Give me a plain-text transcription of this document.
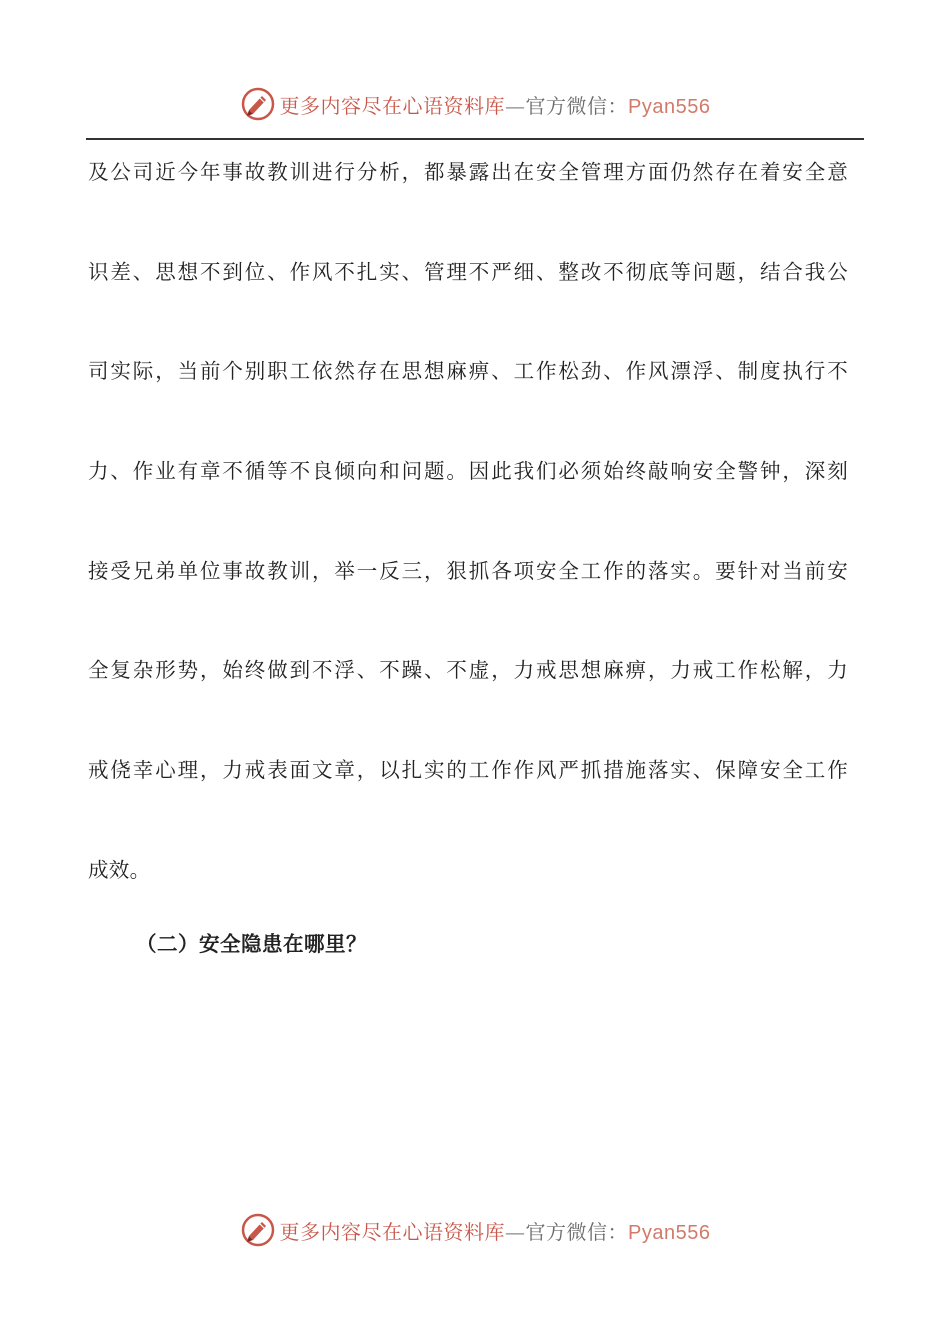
更多内容尽在心语资料库—官方微信：Pyan556
及公司近今年事故教训进行分析，都暴露出在安全管理方面仍然存在着安全意
识差、思想不到位、作风不扎实、管理不严细、整改不彻底等问题，结合我公
司实际，当前个别职工依然存在思想麻痹、工作松劲、作风漂浮、制度执行不
力、作业有章不循等不良倾向和问题。因此我们必须始终敲响安全警钟，深刻
接受兄弟单位事故教训，举一反三，狠抓各项安全工作的落实。要针对当前安
全复杂形势，始终做到不浮、不躁、不虚，力戒思想麻痹，力戒工作松解，力
戒侥幸心理，力戒表面文章，以扎实的工作作风严抓措施落实、保障安全工作
成效。
（二）安全隐患在哪里？
更多内容尽在心语资料库—官方微信：Pyan556
